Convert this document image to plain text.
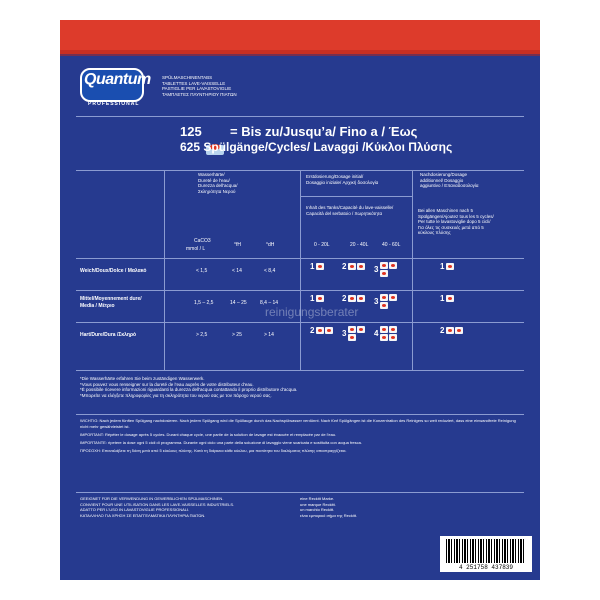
Quantum
PROFESSIONAL
SPÜLMASCHINENTABS
TABLETTES LAVE-VAISSELLE
PASTIGLIE PER LAVASTOVIGLIE
ΤΑΜΠΛΕΤΕΣ ΠΛΥΝΤΗΡΙΟΥ ΠΙΑΤΩΝ
125 = Bis zu/Jusqu’a/ Fino a / Έως
625 Spülgänge/Cycles/ Lavaggi /Κύκλοι Πλύσης
Wasserhärte/
Dureté de l’eau/
Durezza dell’acqua/
Σκληρότητα Νερού
Erstdosierung/Dosage initial/
Dosaggio iniziale/ Αρχική δοσολογία
Nachdosierung/Dosage
additionnel/ Dosaggio
aggiuntivo / Επαναδοσολογία
Inhalt des Tanks/Capacité du lave-vaisselle/
Capacità del serbatoio / Χωρητικότητα	Bei allen Maschinen nach 5
Spülgängen/Ajoutez tous les 5 cycles/
Per tutte le lavastoviglie dopo 5 cicli/
Για όλες τις συσκευές μετά από 5
κύκλους πλύσης
CaCO3
mmol / L
°fH	°dH	0 - 20L	20 - 40L	40 - 60L
Weich/Doux/Dolce / Μαλακό	< 1,5	< 14	< 8,4	1	2	3	1
Mittel/Moyennement dure/
Media / Μέτριο	1,5 – 2,5	14 – 25	8,4 – 14	1	2	3	1
Hart/Dure/Dura /Σκληρό	> 2,5	> 25	> 14	2	3	4	2
*Die Wasserhärte erfahren Sie beim zuständigen Wasserwerk.
*Vous pouvez vous renseigner sur la dureté de l’eau auprès de votre distributeur d’eau.
*È possibile ricevere informazioni riguardanti la durezza dell’acqua contattando il proprio distributore d’acqua.
*Μπορείτε να ελέγξετε πληροφορίες για τη σκληρότητα του νερού σας με τον πάροχο νερού σας.
WICHTIG: Nach jedem fünften Spülgang nachdosieren. Nach jedem Spülgang wird die Spüllauge durch das Nachspülwasser verdünnt. Nach fünf Spülgängen ist die Konzentration des Reinigers so weit reduziert, dass eine einwandfreie Reinigung nicht mehr gewährleistet ist.
IMPORTANT: Répéter le dosage après 5 cycles. Durant chaque cycle, une partie de la solution de lavage est évacuée et remplacée par de l’eau.
IMPORTANTE: ripetere la dose ogni 5 cicli di programma. Durante ogni ciclo una parte della soluzione di lavaggio viene scaricata e sostituita con acqua fresca.
ΠΡΟΣΟΧΗ: Επαναλάβετε τη δόση μετά από 5 κύκλους πλύσης. Κατά τη διάρκεια κάθε κύκλου, μια ποσότητα του διαλύματος πλύσης αποστραγγίζεται.
GEEIGNET FÜR DIE VERWENDUNG IN GEWERBLICHEN SPÜLMASCHINEN.
CONVIENT POUR UNE UTILISATION DANS LES LAVE-VAISSELLES INDUSTRIELS.
ADATTO PER L’USO IN LAVASTOVIGLIE PROFESSIONALI.
ΚΑΤΑΛΛΗΛΟ ΓΙΑ ΧΡΗΣΗ ΣΕ ΕΠΑΓΓΕΛΜΑΤΙΚΑ ΠΛΥΝΤΗΡΙΑ ΠΙΑΤΩΝ.
eine Reckitt Marke.
une marque Reckitt.
un marchio Reckitt.
είναι εμπορικό σήμα της Reckitt.
4 251758 437839
reinigungsberater
